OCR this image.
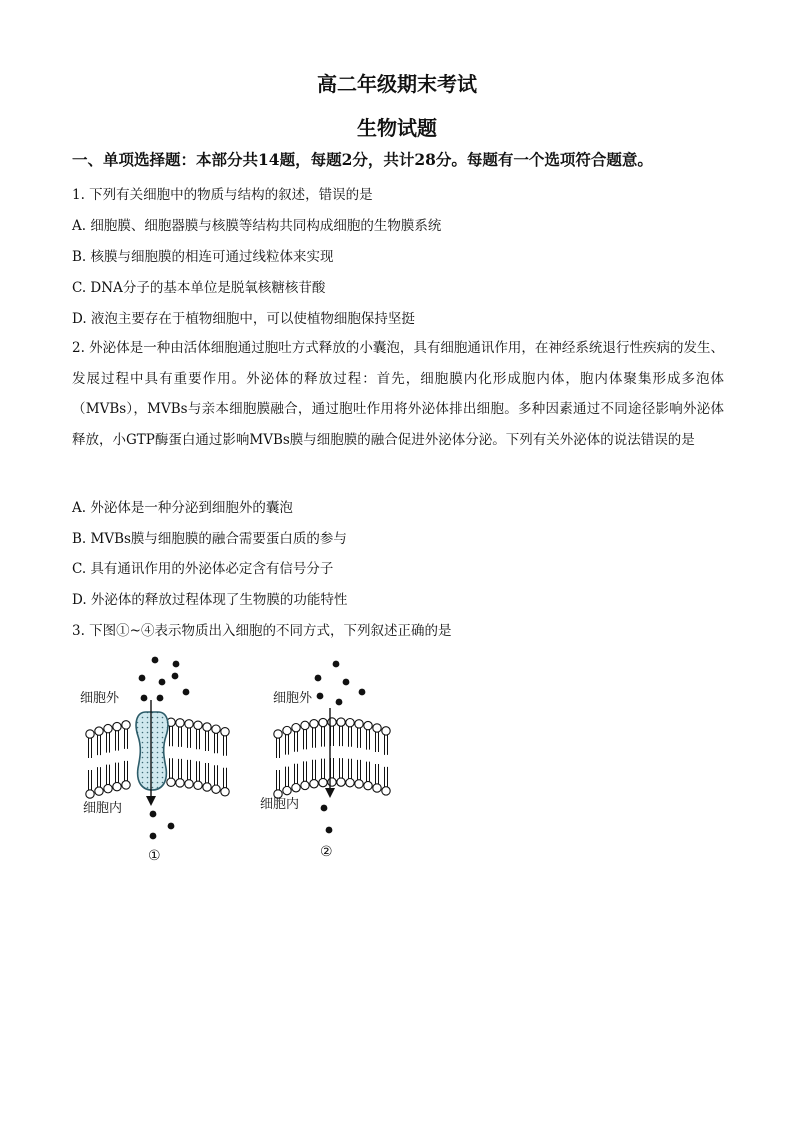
高二年级期末考试
生物试题
一、单项选择题：本部分共14题，每题2分，共计28分。每题有一个选项符合题意。
1. 下列有关细胞中的物质与结构的叙述，错误的是
A. 细胞膜、细胞器膜与核膜等结构共同构成细胞的生物膜系统
B. 核膜与细胞膜的相连可通过线粒体来实现
C. DNA分子的基本单位是脱氧核糖核苷酸
D. 液泡主要存在于植物细胞中，可以使植物细胞保持坚挺
2. 外泌体是一种由活体细胞通过胞吐方式释放的小囊泡，具有细胞通讯作用，在神经系统退行性疾病的发生、发展过程中具有重要作用。外泌体的释放过程：首先，细胞膜内化形成胞内体，胞内体聚集形成多泡体（MVBs），MVBs与亲本细胞膜融合，通过胞吐作用将外泌体排出细胞。多种因素通过不同途径影响外泌体释放，小GTP酶蛋白通过影响MVBs膜与细胞膜的融合促进外泌体分泌。下列有关外泌体的说法错误的是
A. 外泌体是一种分泌到细胞外的囊泡
B. MVBs膜与细胞膜的融合需要蛋白质的参与
C. 具有通讯作用的外泌体必定含有信号分子
D. 外泌体的释放过程体现了生物膜的功能特性
3. 下图①~④表示物质出入细胞的不同方式，下列叙述正确的是
细胞外
细胞内
①
细胞外
细胞内
②
